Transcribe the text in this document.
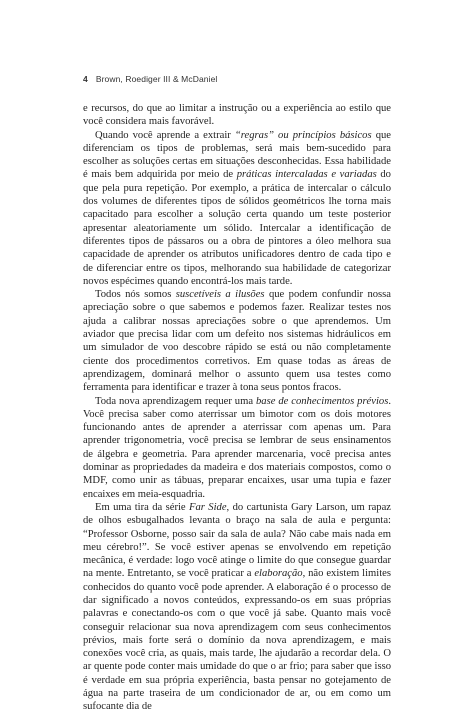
4 Brown, Roediger III & McDaniel

e recursos, do que ao limitar a instrução ou a experiência ao estilo que você considera mais favorável.

Quando você aprende a extrair “regras” ou princípios básicos que diferenciam os tipos de problemas, será mais bem-sucedido para escolher as soluções certas em situações desconhecidas. Essa habilidade é mais bem adquirida por meio de práticas intercaladas e variadas do que pela pura repetição. Por exemplo, a prática de intercalar o cálculo dos volumes de diferentes tipos de sólidos geométricos lhe torna mais capacitado para escolher a solução certa quando um teste posterior apresentar aleatoriamente um sólido. Intercalar a identificação de diferentes tipos de pássaros ou a obra de pintores a óleo melhora sua capacidade de aprender os atributos unificadores dentro de cada tipo e de diferenciar entre os tipos, melhorando sua habilidade de categorizar novos espécimes quando encontrá-los mais tarde.

Todos nós somos suscetíveis a ilusões que podem confundir nossa apreciação sobre o que sabemos e podemos fazer. Realizar testes nos ajuda a calibrar nossas apreciações sobre o que aprendemos. Um aviador que precisa lidar com um defeito nos sistemas hidráulicos em um simulador de voo descobre rápido se está ou não completamente ciente dos procedimentos corretivos. Em quase todas as áreas de aprendizagem, dominará melhor o assunto quem usa testes como ferramenta para identificar e trazer à tona seus pontos fracos.

Toda nova aprendizagem requer uma base de conhecimentos prévios. Você precisa saber como aterrissar um bimotor com os dois motores funcionando antes de aprender a aterrissar com apenas um. Para aprender trigonometria, você precisa se lembrar de seus ensinamentos de álgebra e geometria. Para aprender marcenaria, você precisa antes dominar as propriedades da madeira e dos materiais compostos, como o MDF, como unir as tábuas, preparar encaixes, usar uma tupia e fazer encaixes em meia-esquadria.

Em uma tira da série Far Side, do cartunista Gary Larson, um rapaz de olhos esbugalhados levanta o braço na sala de aula e pergunta: “Professor Osborne, posso sair da sala de aula? Não cabe mais nada em meu cérebro!”. Se você estiver apenas se envolvendo em repetição mecânica, é verdade: logo você atinge o limite do que consegue guardar na mente. Entretanto, se você praticar a elaboração, não existem limites conhecidos do quanto você pode aprender. A elaboração é o processo de dar significado a novos conteúdos, expressando-os em suas próprias palavras e conectando-os com o que você já sabe. Quanto mais você conseguir relacionar sua nova aprendizagem com seus conhecimentos prévios, mais forte será o domínio da nova aprendizagem, e mais conexões você cria, as quais, mais tarde, lhe ajudarão a recordar dela. O ar quente pode conter mais umidade do que o ar frio; para saber que isso é verdade em sua própria experiência, basta pensar no gotejamento de água na parte traseira de um condicionador de ar, ou em como um sufocante dia de
